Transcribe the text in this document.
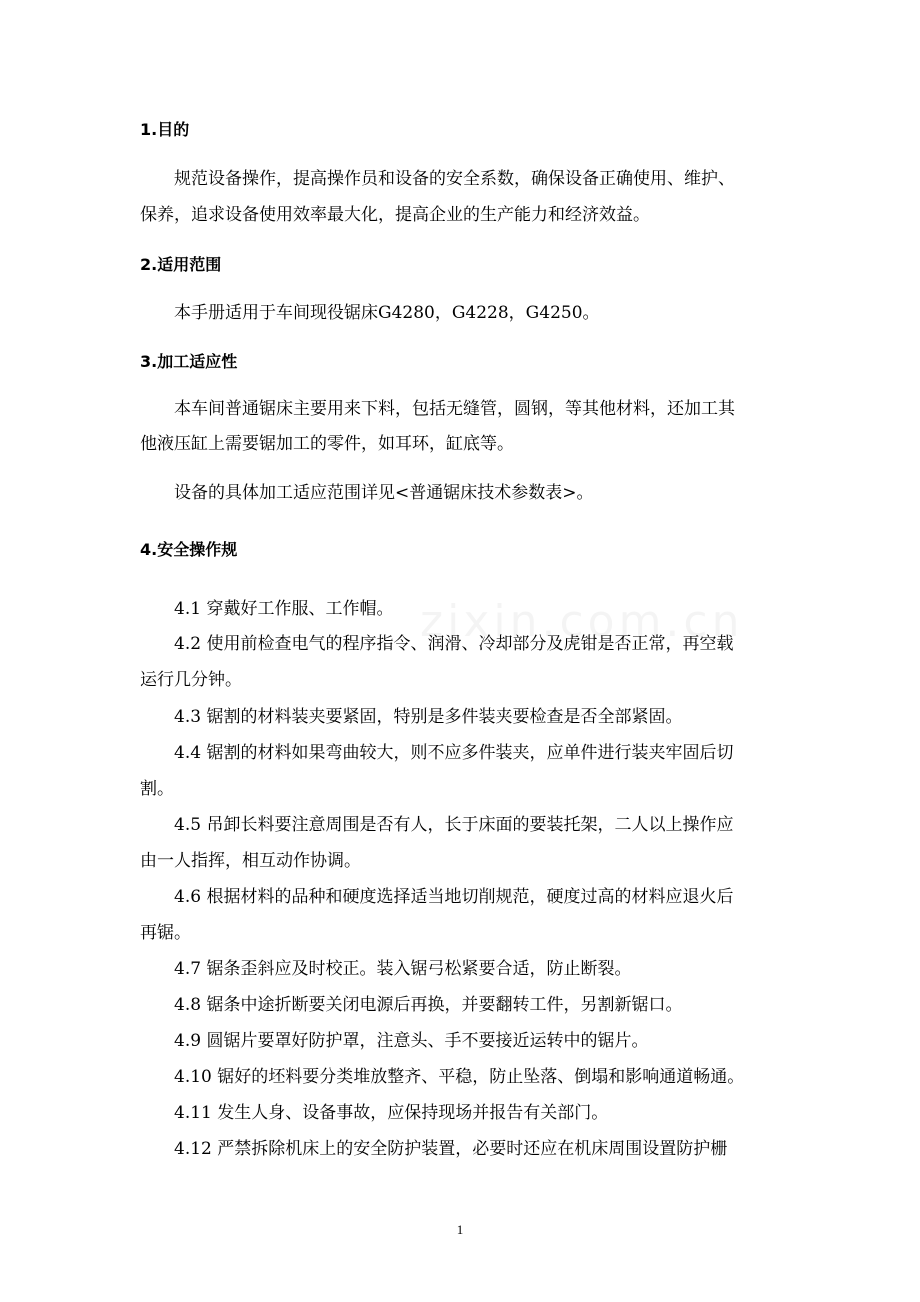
1.目的
规范设备操作，提高操作员和设备的安全系数，确保设备正确使用、维护、
保养，追求设备使用效率最大化，提高企业的生产能力和经济效益。
2.适用范围
本手册适用于车间现役锯床G4280，G4228，G4250。
3.加工适应性
本车间普通锯床主要用来下料，包括无缝管，圆钢，等其他材料，还加工其
他液压缸上需要锯加工的零件，如耳环，缸底等。
设备的具体加工适应范围详见<普通锯床技术参数表>。
4.安全操作规
4.1 穿戴好工作服、工作帽。
4.2 使用前检查电气的程序指令、润滑、冷却部分及虎钳是否正常，再空载
运行几分钟。
4.3 锯割的材料装夹要紧固，特别是多件装夹要检查是否全部紧固。
4.4 锯割的材料如果弯曲较大，则不应多件装夹，应单件进行装夹牢固后切
割。
4.5 吊卸长料要注意周围是否有人，长于床面的要装托架，二人以上操作应
由一人指挥，相互动作协调。
4.6 根据材料的品种和硬度选择适当地切削规范，硬度过高的材料应退火后
再锯。
4.7 锯条歪斜应及时校正。装入锯弓松紧要合适，防止断裂。
4.8 锯条中途折断要关闭电源后再换，并要翻转工件，另割新锯口。
4.9 圆锯片要罩好防护罩，注意头、手不要接近运转中的锯片。
4.10 锯好的坯料要分类堆放整齐、平稳，防止坠落、倒塌和影响通道畅通。
4.11 发生人身、设备事故，应保持现场并报告有关部门。
4.12 严禁拆除机床上的安全防护装置，必要时还应在机床周围设置防护栅
1
